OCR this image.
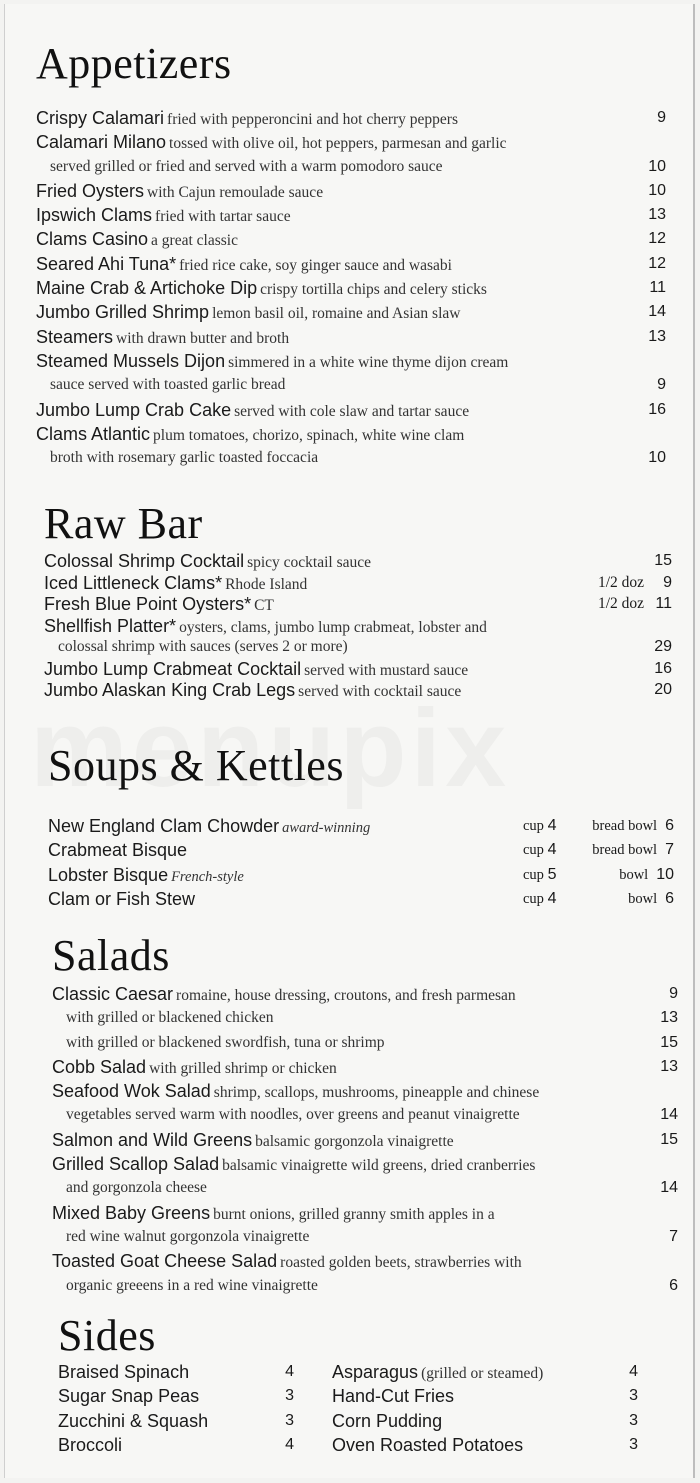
Appetizers
Crispy Calamari fried with pepperoncini and hot cherry peppers	9
Calamari Milano tossed with olive oil, hot peppers, parmesan and garlic
served grilled or fried and served with a warm pomodoro sauce	10
Fried Oysters with Cajun remoulade sauce	10
Ipswich Clams fried with tartar sauce	13
Clams Casino a great classic	12
Seared Ahi Tuna* fried rice cake, soy ginger sauce and wasabi	12
Maine Crab & Artichoke Dip crispy tortilla chips and celery sticks	11
Jumbo Grilled Shrimp lemon basil oil, romaine and Asian slaw	14
Steamers with drawn butter and broth	13
Steamed Mussels Dijon simmered in a white wine thyme dijon cream
sauce served with toasted garlic bread	9
Jumbo Lump Crab Cake served with cole slaw and tartar sauce	16
Clams Atlantic plum tomatoes, chorizo, spinach, white wine clam
broth with rosemary garlic toasted foccacia	10
Raw Bar
Colossal Shrimp Cocktail spicy cocktail sauce	15
Iced Littleneck Clams* Rhode Island	1/2 doz 9
Fresh Blue Point Oysters* CT	1/2 doz 11
Shellfish Platter* oysters, clams, jumbo lump crabmeat, lobster and
colossal shrimp with sauces (serves 2 or more)	29
Jumbo Lump Crabmeat Cocktail served with mustard sauce	16
Jumbo Alaskan King Crab Legs served with cocktail sauce	20
Soups & Kettles
New England Clam Chowder award-winning	cup 4 bread bowl 6
Crabmeat Bisque	cup 4 bread bowl 7
Lobster Bisque French-style	cup 5	bowl 10
Clam or Fish Stew	cup 4	bowl 6
Salads
Classic Caesar romaine, house dressing, croutons, and fresh parmesan	9
with grilled or blackened chicken	13
with grilled or blackened swordfish, tuna or shrimp	15
Cobb Salad with grilled shrimp or chicken	13
Seafood Wok Salad shrimp, scallops, mushrooms, pineapple and chinese
vegetables served warm with noodles, over greens and peanut vinaigrette	14
Salmon and Wild Greens balsamic gorgonzola vinaigrette	15
Grilled Scallop Salad balsamic vinaigrette wild greens, dried cranberries
and gorgonzola cheese	14
Mixed Baby Greens burnt onions, grilled granny smith apples in a
red wine walnut gorgonzola vinaigrette	7
Toasted Goat Cheese Salad roasted golden beets, strawberries with
organic greeens in a red wine vinaigrette	6
Sides
Braised Spinach	4
Sugar Snap Peas	3
Zucchini & Squash	3
Broccoli	4
Asparagus (grilled or steamed)	4
Hand-Cut Fries	3
Corn Pudding	3
Oven Roasted Potatoes	3
